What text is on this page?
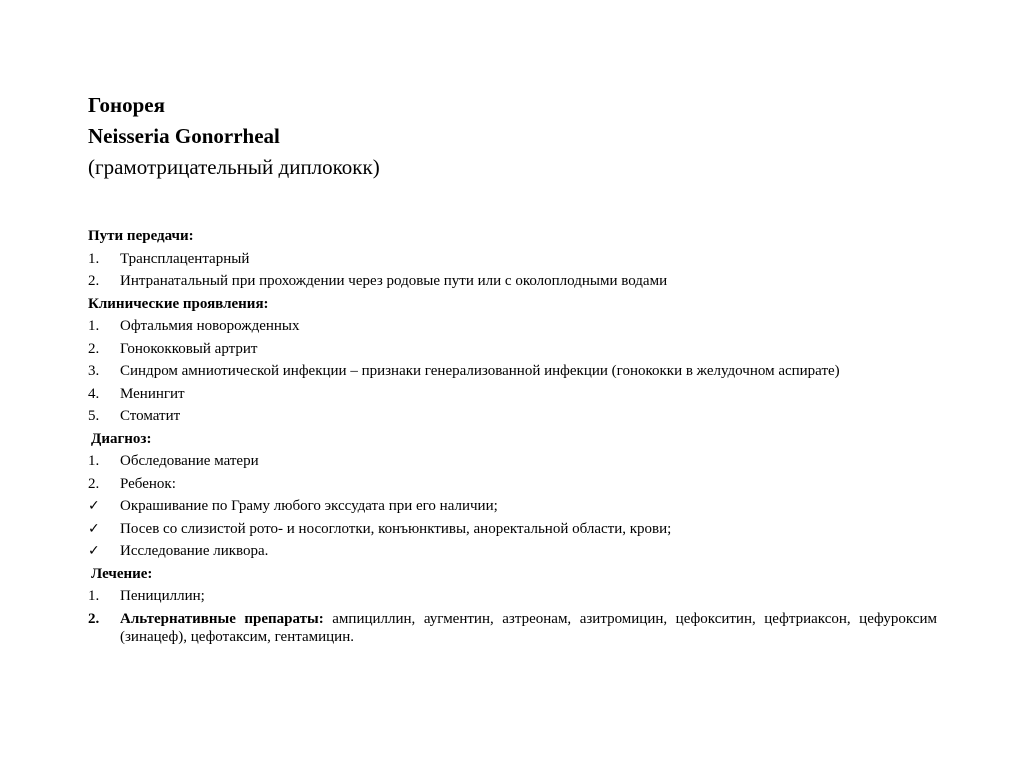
Гонорея
Neisseria Gonorrheal
(грамотрицательный диплококк)
Пути передачи:
1.	Трансплацентарный
2.	Интранатальный при прохождении через родовые пути или с околоплодными водами
Клинические проявления:
1.	Офтальмия новорожденных
2.	Гонококковый артрит
3.	Синдром амниотической инфекции – признаки генерализованной инфекции (гонококки в желудочном аспирате)
4.	Менингит
5.	Стоматит
Диагноз:
1.	Обследование матери
2.	Ребенок:
✓	Окрашивание по Граму любого экссудата при его наличии;
✓	Посев со слизистой рото- и носоглотки, конъюнктивы, аноректальной области, крови;
✓	Исследование ликвора.
Лечение:
1.	Пенициллин;
2.	Альтернативные препараты: ампициллин, аугментин, азтреонам, азитромицин, цефокситин, цефтриаксон, цефуроксим (зинацеф), цефотаксим, гентамицин.
